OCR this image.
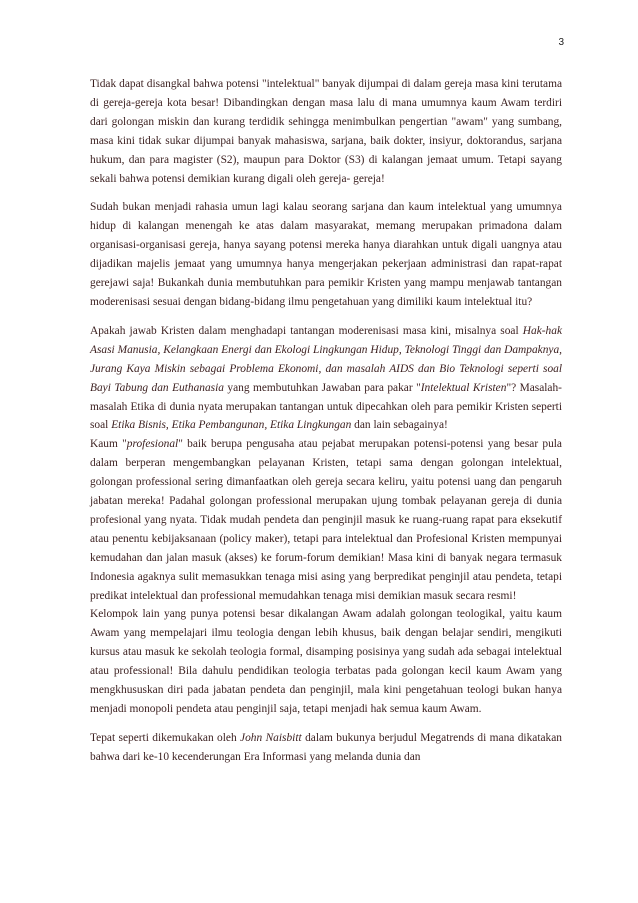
3

Tidak dapat disangkal bahwa potensi "intelektual" banyak dijumpai di dalam gereja masa kini terutama di gereja-gereja kota besar! Dibandingkan dengan masa lalu di mana umumnya kaum Awam terdiri dari golongan miskin dan kurang terdidik sehingga menimbulkan pengertian "awam" yang sumbang, masa kini tidak sukar dijumpai banyak mahasiswa, sarjana, baik dokter, insiyur, doktorandus, sarjana hukum, dan para magister (S2), maupun para Doktor (S3) di kalangan jemaat umum. Tetapi sayang sekali bahwa potensi demikian kurang digali oleh gereja- gereja!

Sudah bukan menjadi rahasia umun lagi kalau seorang sarjana dan kaum intelektual yang umumnya hidup di kalangan menengah ke atas dalam masyarakat, memang merupakan primadona dalam organisasi-organisasi gereja, hanya sayang potensi mereka hanya diarahkan untuk digali uangnya atau dijadikan majelis jemaat yang umumnya hanya mengerjakan pekerjaan administrasi dan rapat-rapat gerejawi saja! Bukankah dunia membutuhkan para pemikir Kristen yang mampu menjawab tantangan moderenisasi sesuai dengan bidang-bidang ilmu pengetahuan yang dimiliki kaum intelektual itu?

Apakah jawab Kristen dalam menghadapi tantangan moderenisasi masa kini, misalnya soal Hak-hak Asasi Manusia, Kelangkaan Energi dan Ekologi Lingkungan Hidup, Teknologi Tinggi dan Dampaknya, Jurang Kaya Miskin sebagai Problema Ekonomi, dan masalah AIDS dan Bio Teknologi seperti soal Bayi Tabung dan Euthanasia yang membutuhkan Jawaban para pakar "Intelektual Kristen"? Masalah-masalah Etika di dunia nyata merupakan tantangan untuk dipecahkan oleh para pemikir Kristen seperti soal Etika Bisnis, Etika Pembangunan, Etika Lingkungan dan lain sebagainya!

Kaum "profesional" baik berupa pengusaha atau pejabat merupakan potensi-potensi yang besar pula dalam berperan mengembangkan pelayanan Kristen, tetapi sama dengan golongan intelektual, golongan professional sering dimanfaatkan oleh gereja secara keliru, yaitu potensi uang dan pengaruh jabatan mereka! Padahal golongan professional merupakan ujung tombak pelayanan gereja di dunia profesional yang nyata. Tidak mudah pendeta dan penginjil masuk ke ruang-ruang rapat para eksekutif atau penentu kebijaksanaan (policy maker), tetapi para intelektual dan Profesional Kristen mempunyai kemudahan dan jalan masuk (akses) ke forum-forum demikian! Masa kini di banyak negara termasuk Indonesia agaknya sulit memasukkan tenaga misi asing yang berpredikat penginjil atau pendeta, tetapi predikat intelektual dan professional memudahkan tenaga misi demikian masuk secara resmi!

Kelompok lain yang punya potensi besar dikalangan Awam adalah golongan teologikal, yaitu kaum Awam yang mempelajari ilmu teologia dengan lebih khusus, baik dengan belajar sendiri, mengikuti kursus atau masuk ke sekolah teologia formal, disamping posisinya yang sudah ada sebagai intelektual atau professional! Bila dahulu pendidikan teologia terbatas pada golongan kecil kaum Awam yang mengkhususkan diri pada jabatan pendeta dan penginjil, mala kini pengetahuan teologi bukan hanya menjadi monopoli pendeta atau penginjil saja, tetapi menjadi hak semua kaum Awam.

Tepat seperti dikemukakan oleh John Naisbitt dalam bukunya berjudul Megatrends di mana dikatakan bahwa dari ke-10 kecenderungan Era Informasi yang melanda dunia dan
